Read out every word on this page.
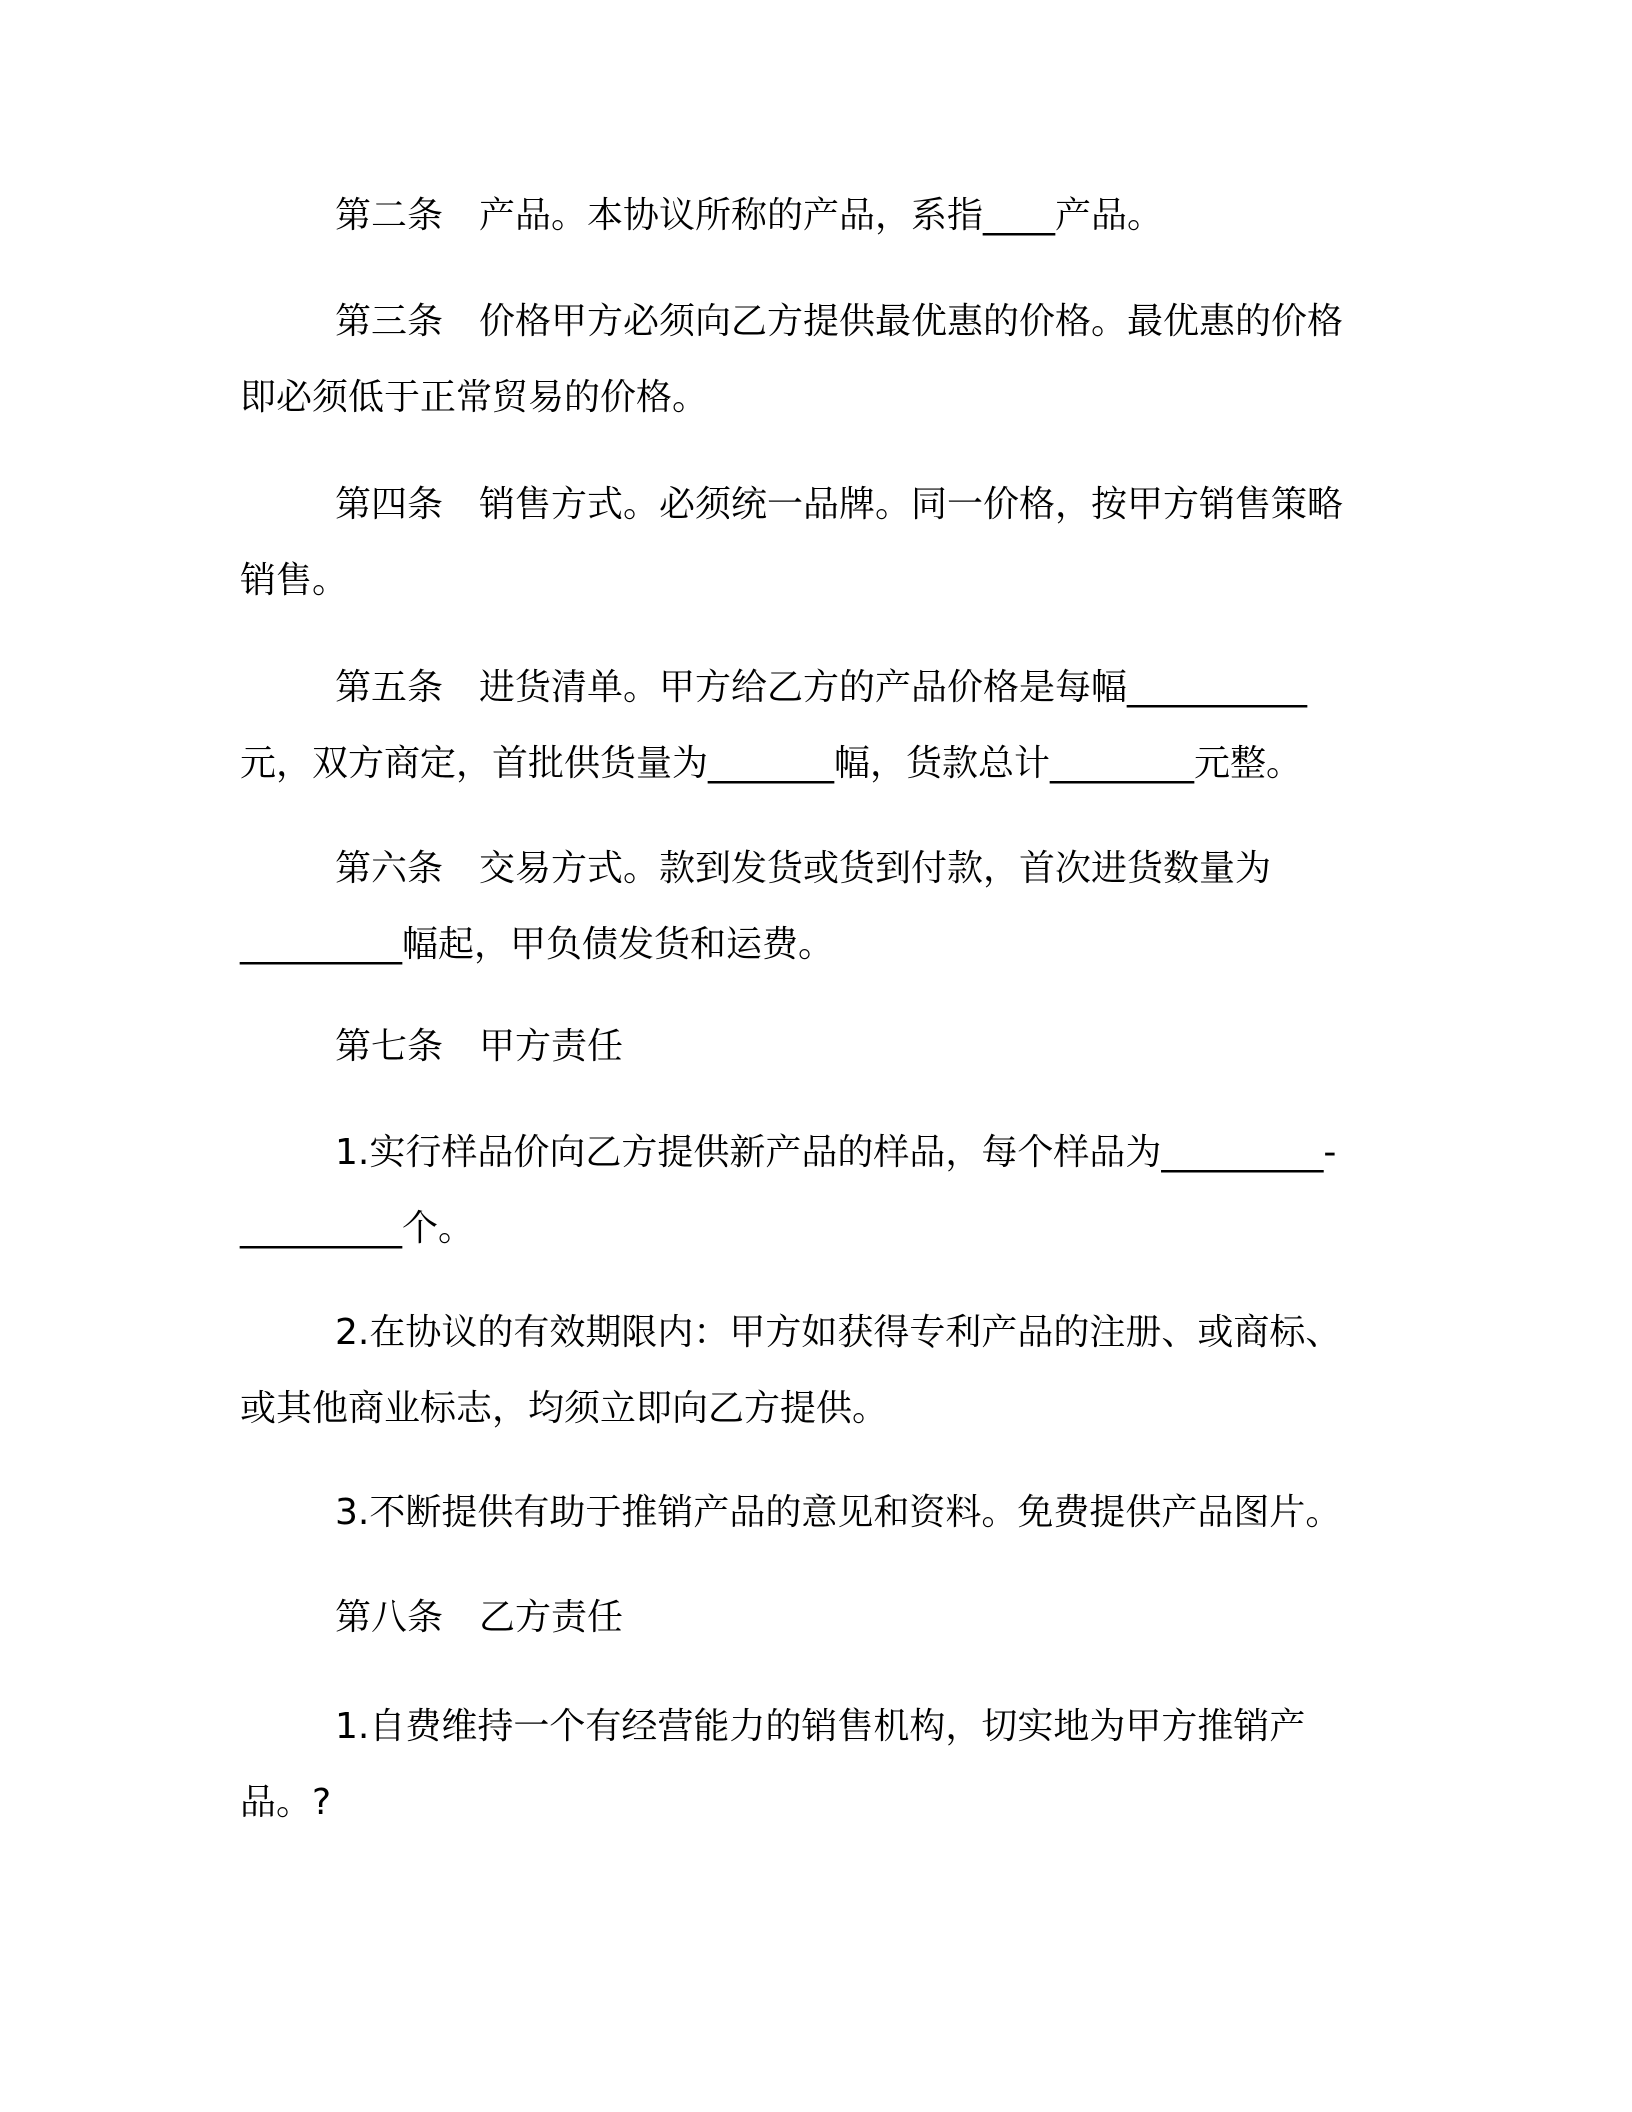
第二条　产品。本协议所称的产品，系指____产品。

第三条　价格甲方必须向乙方提供最优惠的价格。最优惠的价格即必须低于正常贸易的价格。

第四条　销售方式。必须统一品牌。同一价格，按甲方销售策略销售。

第五条　进货清单。甲方给乙方的产品价格是每幅__________元，双方商定，首批供货量为_______幅，货款总计________元整。

第六条　交易方式。款到发货或货到付款，首次进货数量为_________幅起，甲负债发货和运费。

第七条　甲方责任

1.实行样品价向乙方提供新产品的样品，每个样品为_________-_________个。

2.在协议的有效期限内：甲方如获得专利产品的注册、或商标、或其他商业标志，均须立即向乙方提供。

3.不断提供有助于推销产品的意见和资料。免费提供产品图片。

第八条　乙方责任

1.自费维持一个有经营能力的销售机构，切实地为甲方推销产品。?
